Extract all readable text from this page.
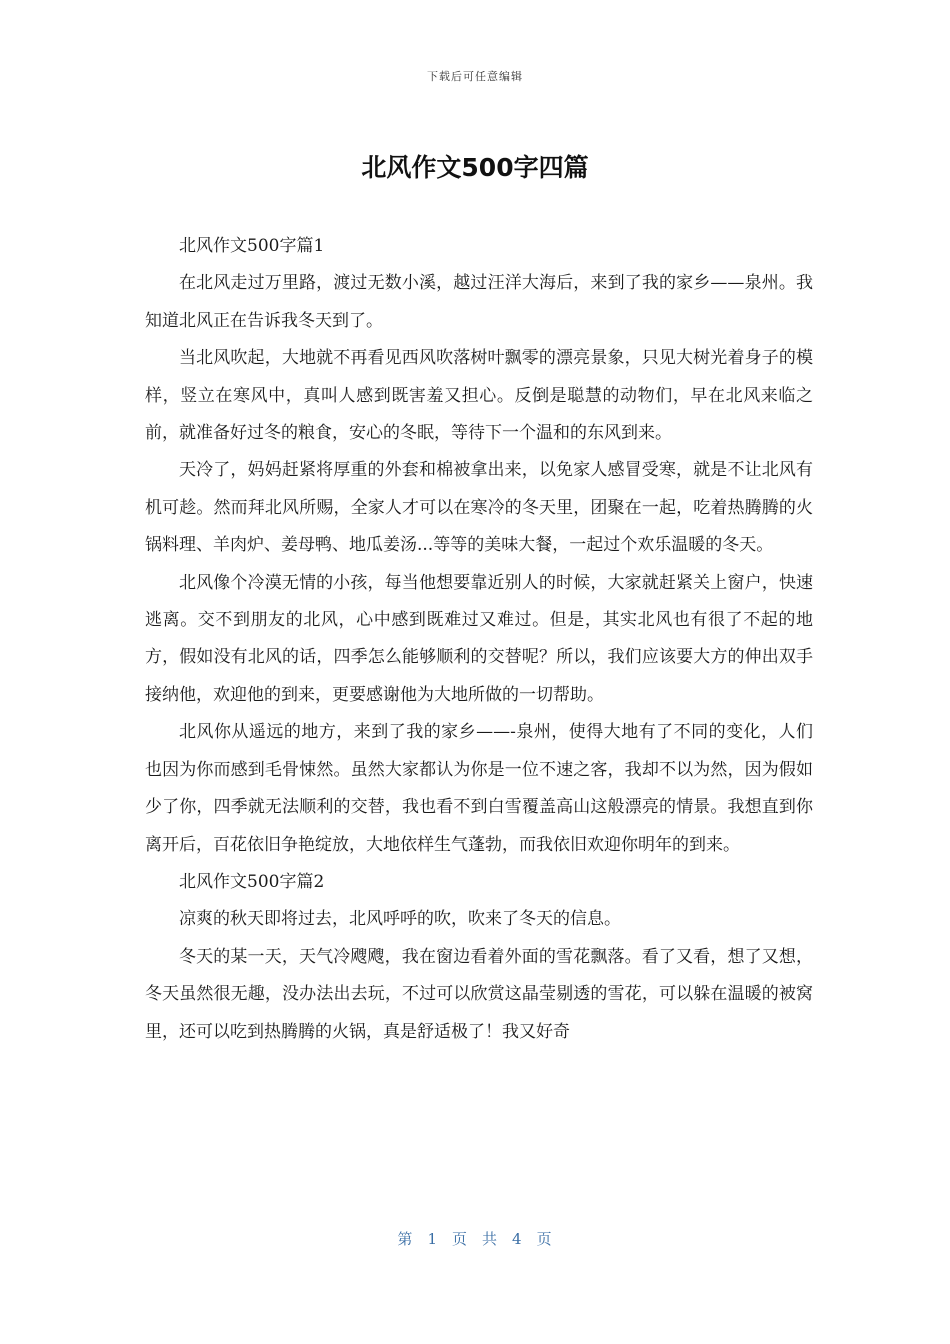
下载后可任意编辑
北风作文500字四篇

北风作文500字篇1

在北风走过万里路，渡过无数小溪，越过汪洋大海后，来到了我的家乡——泉州。我知道北风正在告诉我冬天到了。

当北风吹起，大地就不再看见西风吹落树叶飘零的漂亮景象，只见大树光着身子的模样，竖立在寒风中，真叫人感到既害羞又担心。反倒是聪慧的动物们，早在北风来临之前，就准备好过冬的粮食，安心的冬眠，等待下一个温和的东风到来。

天冷了，妈妈赶紧将厚重的外套和棉被拿出来，以免家人感冒受寒，就是不让北风有机可趁。然而拜北风所赐，全家人才可以在寒冷的冬天里，团聚在一起，吃着热腾腾的火锅料理、羊肉炉、姜母鸭、地瓜姜汤...等等的美味大餐，一起过个欢乐温暖的冬天。

北风像个冷漠无情的小孩，每当他想要靠近别人的时候，大家就赶紧关上窗户，快速逃离。交不到朋友的北风，心中感到既难过又难过。但是，其实北风也有很了不起的地方，假如没有北风的话，四季怎么能够顺利的交替呢？所以，我们应该要大方的伸出双手接纳他，欢迎他的到来，更要感谢他为大地所做的一切帮助。

北风你从遥远的地方，来到了我的家乡——-泉州，使得大地有了不同的变化，人们也因为你而感到毛骨悚然。虽然大家都认为你是一位不速之客，我却不以为然，因为假如少了你，四季就无法顺利的交替，我也看不到白雪覆盖高山这般漂亮的情景。我想直到你离开后，百花依旧争艳绽放，大地依样生气蓬勃，而我依旧欢迎你明年的到来。

北风作文500字篇2

凉爽的秋天即将过去，北风呼呼的吹，吹来了冬天的信息。

冬天的某一天，天气冷飕飕，我在窗边看着外面的雪花飘落。看了又看，想了又想，冬天虽然很无趣，没办法出去玩，不过可以欣赏这晶莹剔透的雪花，可以躲在温暖的被窝里，还可以吃到热腾腾的火锅，真是舒适极了！我又好奇

第 1 页 共 4 页
